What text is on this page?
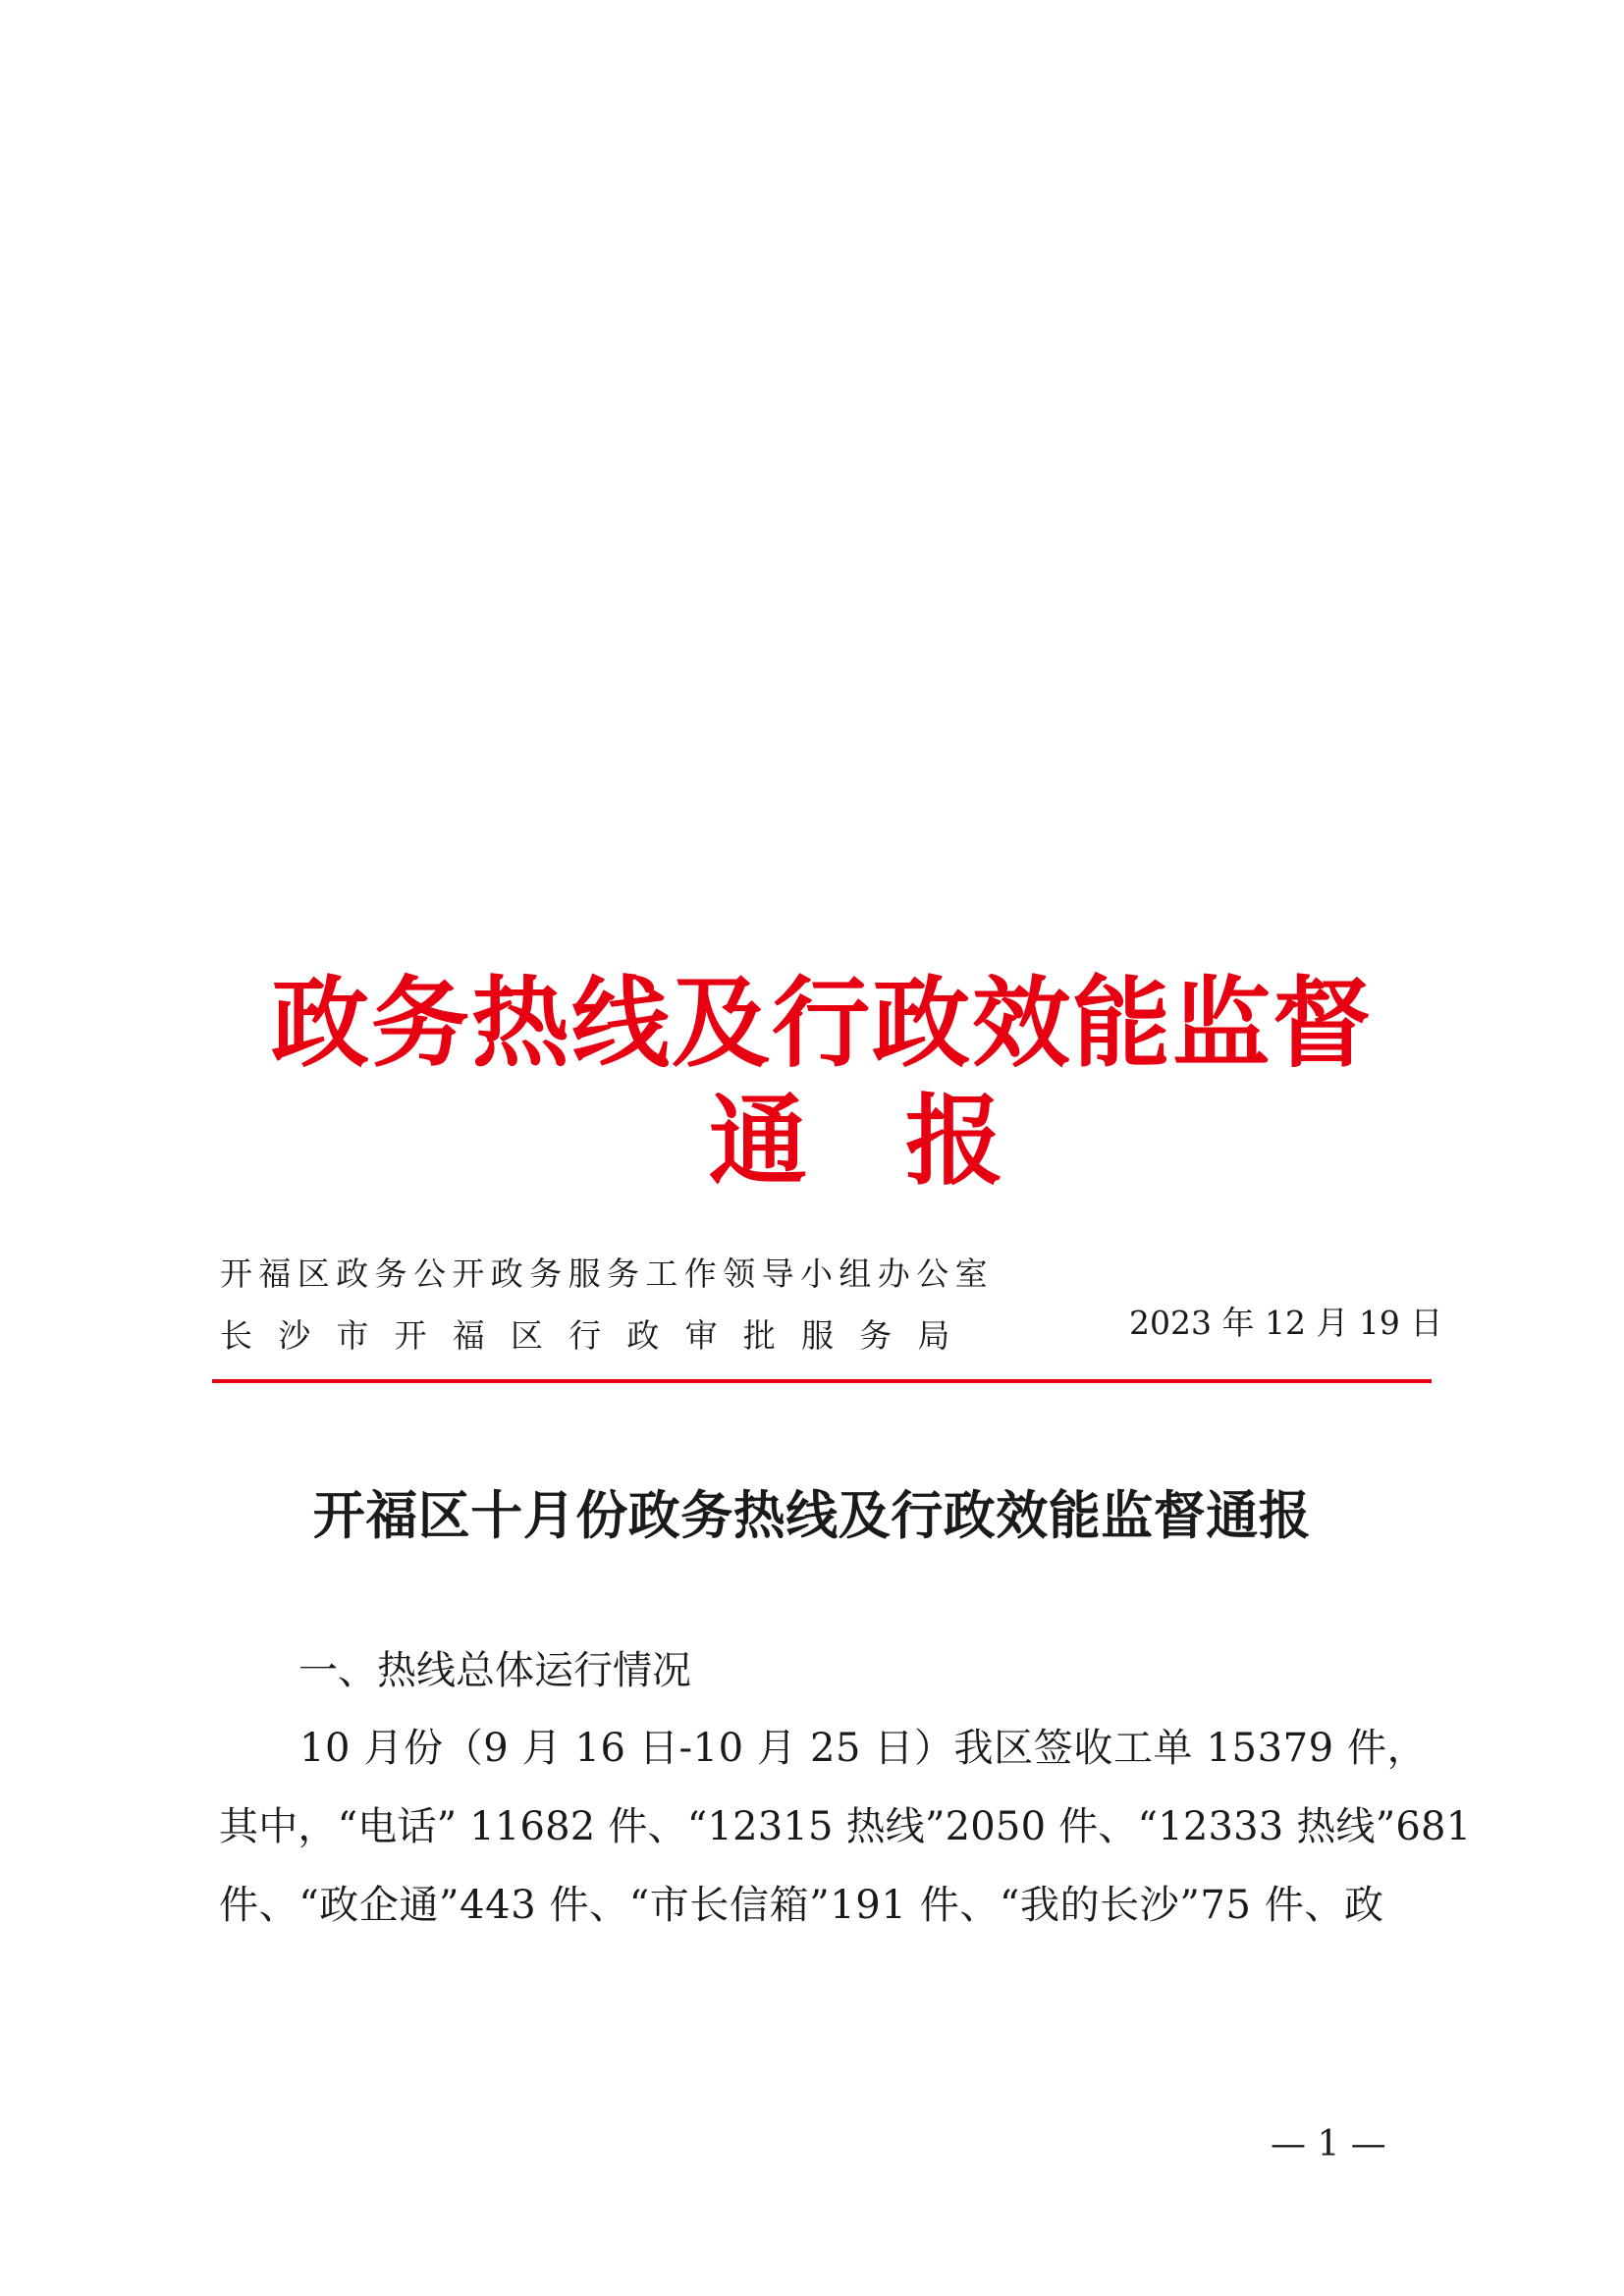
政务热线及行政效能监督
通报
开福区政务公开政务服务工作领导小组办公室
长沙市开福区行政审批服务局	2023 年 12 月 19 日
开福区十月份政务热线及行政效能监督通报
一、热线总体运行情况
10 月份（9 月 16 日-10 月 25 日）我区签收工单 15379 件，
其中，“电话” 11682 件、“12315 热线”2050 件、“12333 热线”681
件、“政企通”443 件、“市长信箱”191 件、“我的长沙”75 件、政
— 1 —
